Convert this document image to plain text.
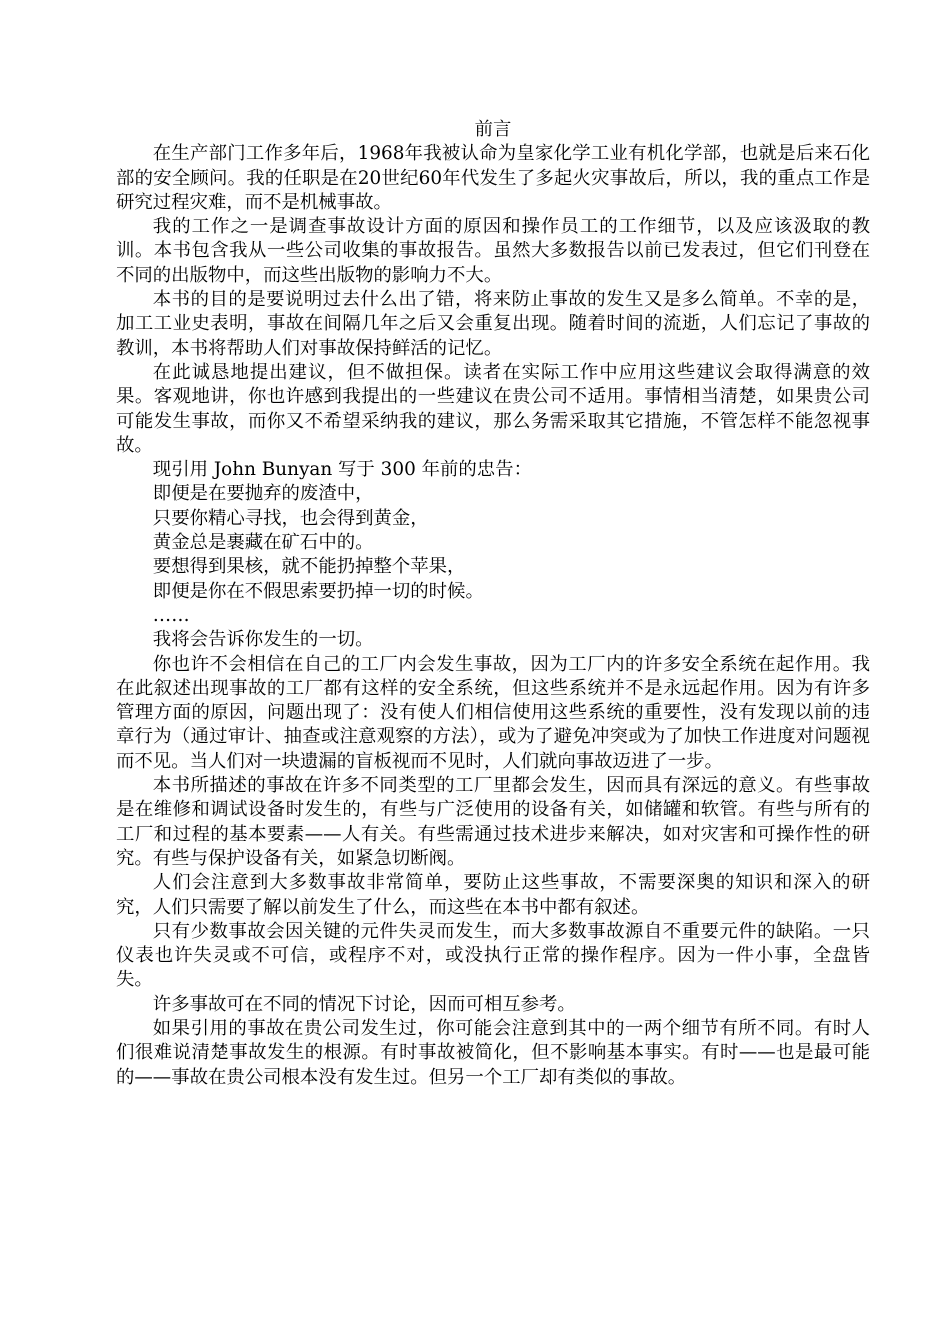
前言

在生产部门工作多年后，1968年我被认命为皇家化学工业有机化学部，也就是后来石化部的安全顾问。我的任职是在20世纪60年代发生了多起火灾事故后，所以，我的重点工作是研究过程灾难，而不是机械事故。

我的工作之一是调查事故设计方面的原因和操作员工的工作细节，以及应该汲取的教训。本书包含我从一些公司收集的事故报告。虽然大多数报告以前已发表过，但它们刊登在不同的出版物中，而这些出版物的影响力不大。

本书的目的是要说明过去什么出了错，将来防止事故的发生又是多么简单。不幸的是，加工工业史表明，事故在间隔几年之后又会重复出现。随着时间的流逝，人们忘记了事故的教训，本书将帮助人们对事故保持鲜活的记忆。

在此诚恳地提出建议，但不做担保。读者在实际工作中应用这些建议会取得满意的效果。客观地讲，你也许感到我提出的一些建议在贵公司不适用。事情相当清楚，如果贵公司可能发生事故，而你又不希望采纳我的建议，那么务需采取其它措施，不管怎样不能忽视事故。

现引用 John Bunyan 写于 300 年前的忠告：

即便是在要抛弃的废渣中，

只要你精心寻找，也会得到黄金，

黄金总是裹藏在矿石中的。

要想得到果核，就不能扔掉整个苹果，

即便是你在不假思索要扔掉一切的时候。

……

我将会告诉你发生的一切。

你也许不会相信在自己的工厂内会发生事故，因为工厂内的许多安全系统在起作用。我在此叙述出现事故的工厂都有这样的安全系统，但这些系统并不是永远起作用。因为有许多管理方面的原因，问题出现了：没有使人们相信使用这些系统的重要性，没有发现以前的违章行为（通过审计、抽查或注意观察的方法），或为了避免冲突或为了加快工作进度对问题视而不见。当人们对一块遗漏的盲板视而不见时，人们就向事故迈进了一步。

本书所描述的事故在许多不同类型的工厂里都会发生，因而具有深远的意义。有些事故是在维修和调试设备时发生的，有些与广泛使用的设备有关，如储罐和软管。有些与所有的工厂和过程的基本要素——人有关。有些需通过技术进步来解决，如对灾害和可操作性的研究。有些与保护设备有关，如紧急切断阀。

人们会注意到大多数事故非常简单，要防止这些事故，不需要深奥的知识和深入的研究，人们只需要了解以前发生了什么，而这些在本书中都有叙述。

只有少数事故会因关键的元件失灵而发生，而大多数事故源自不重要元件的缺陷。一只仪表也许失灵或不可信，或程序不对，或没执行正常的操作程序。因为一件小事，全盘皆失。

许多事故可在不同的情况下讨论，因而可相互参考。

如果引用的事故在贵公司发生过，你可能会注意到其中的一两个细节有所不同。有时人们很难说清楚事故发生的根源。有时事故被简化，但不影响基本事实。有时——也是最可能的——事故在贵公司根本没有发生过。但另一个工厂却有类似的事故。
